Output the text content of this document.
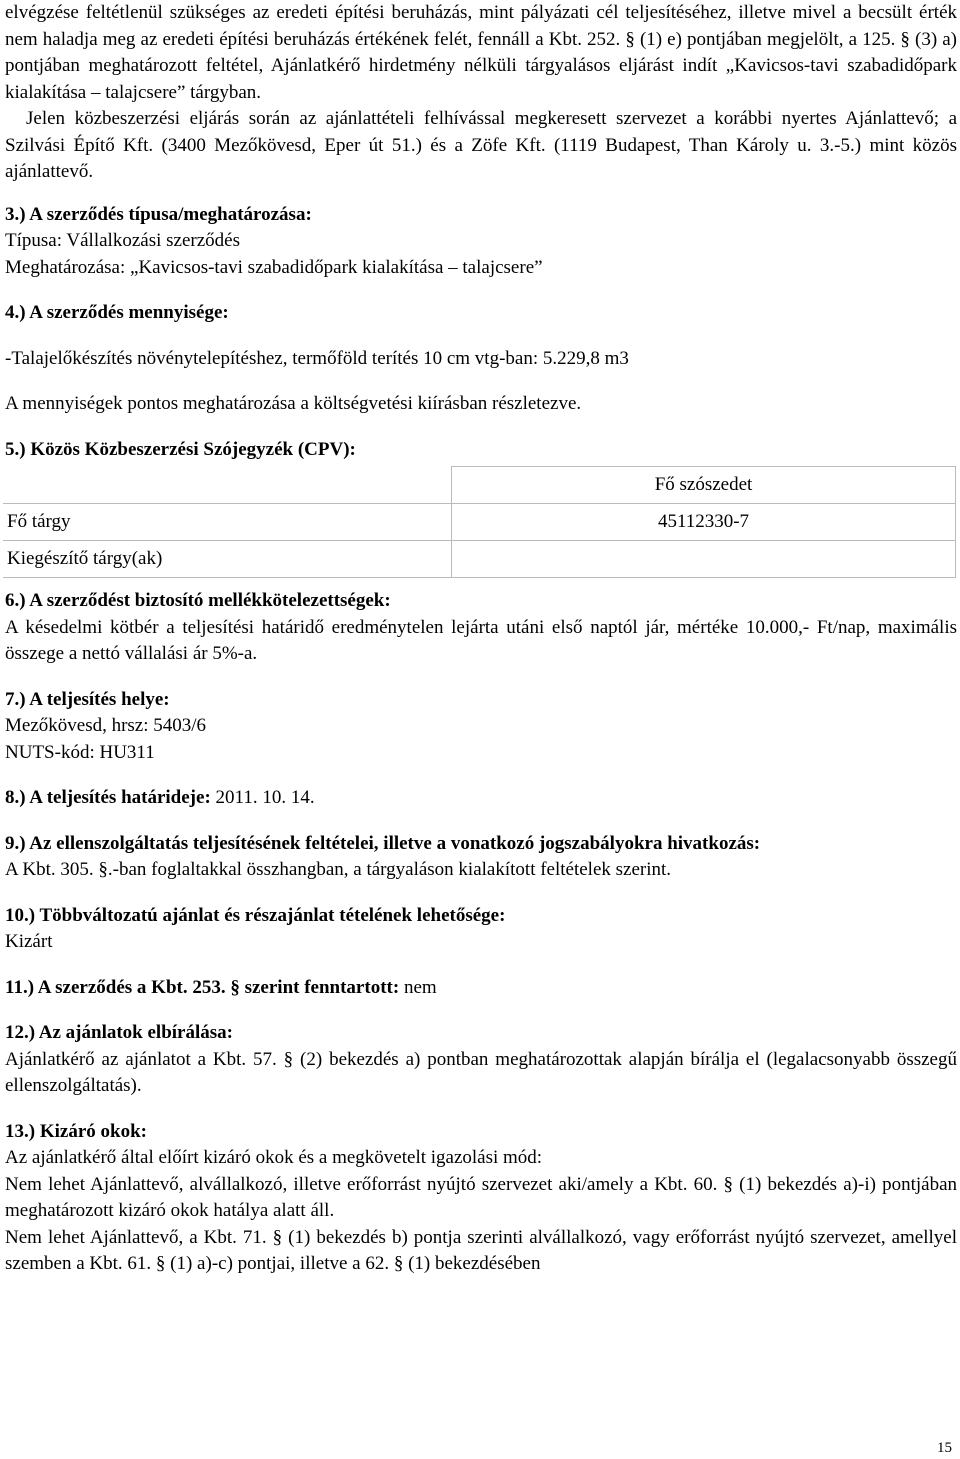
elvégzése feltétlenül szükséges az eredeti építési beruházás, mint pályázati cél teljesítéséhez, illetve mivel a becsült érték nem haladja meg az eredeti építési beruházás értékének felét, fennáll a Kbt. 252. § (1) e) pontjában megjelölt, a 125. § (3) a) pontjában meghatározott feltétel, Ajánlatkérő hirdetmény nélküli tárgyalásos eljárást indít „Kavicsos-tavi szabadidőpark kialakítása – talajcsere” tárgyban.

Jelen közbeszerzési eljárás során az ajánlattételi felhívással megkeresett szervezet a korábbi nyertes Ajánlattevő; a Szilvási Építő Kft. (3400 Mezőkövesd, Eper út 51.) és a Zöfe Kft. (1119 Budapest, Than Károly u. 3.-5.) mint közös ajánlattevő.

3.) A szerződés típusa/meghatározása:

Típusa: Vállalkozási szerződés

Meghatározása: „Kavicsos-tavi szabadidőpark kialakítása – talajcsere”

4.) A szerződés mennyisége:

-Talajelőkészítés növénytelepítéshez, termőföld terítés 10 cm vtg-ban: 5.229,8 m3

A mennyiségek pontos meghatározása a költségvetési kiírásban részletezve.

5.) Közös Közbeszerzési Szójegyzék (CPV):

	Fő szószedet
Fő tárgy	45112330-7
Kiegészítő tárgy(ak)	

6.) A szerződést biztosító mellékkötelezettségek:

A késedelmi kötbér a teljesítési határidő eredménytelen lejárta utáni első naptól jár, mértéke 10.000,- Ft/nap, maximális összege a nettó vállalási ár 5%-a.

7.) A teljesítés helye:

Mezőkövesd, hrsz: 5403/6

NUTS-kód: HU311

8.) A teljesítés határideje: 2011. 10. 14.

9.) Az ellenszolgáltatás teljesítésének feltételei, illetve a vonatkozó jogszabályokra hivatkozás:

A Kbt. 305. §.-ban foglaltakkal összhangban, a tárgyaláson kialakított feltételek szerint.

10.) Többváltozatú ajánlat és részajánlat tételének lehetősége:

Kizárt

11.) A szerződés a Kbt. 253. § szerint fenntartott: nem

12.) Az ajánlatok elbírálása:

Ajánlatkérő az ajánlatot a Kbt. 57. § (2) bekezdés a) pontban meghatározottak alapján bírálja el (legalacsonyabb összegű ellenszolgáltatás).

13.) Kizáró okok:

Az ajánlatkérő által előírt kizáró okok és a megkövetelt igazolási mód:

Nem lehet Ajánlattevő, alvállalkozó, illetve erőforrást nyújtó szervezet aki/amely a Kbt. 60. § (1) bekezdés a)-i) pontjában meghatározott kizáró okok hatálya alatt áll.

Nem lehet Ajánlattevő, a Kbt. 71. § (1) bekezdés b) pontja szerinti alvállalkozó, vagy erőforrást nyújtó szervezet, amellyel szemben a Kbt. 61. § (1) a)-c) pontjai, illetve a 62. § (1) bekezdésében

15
